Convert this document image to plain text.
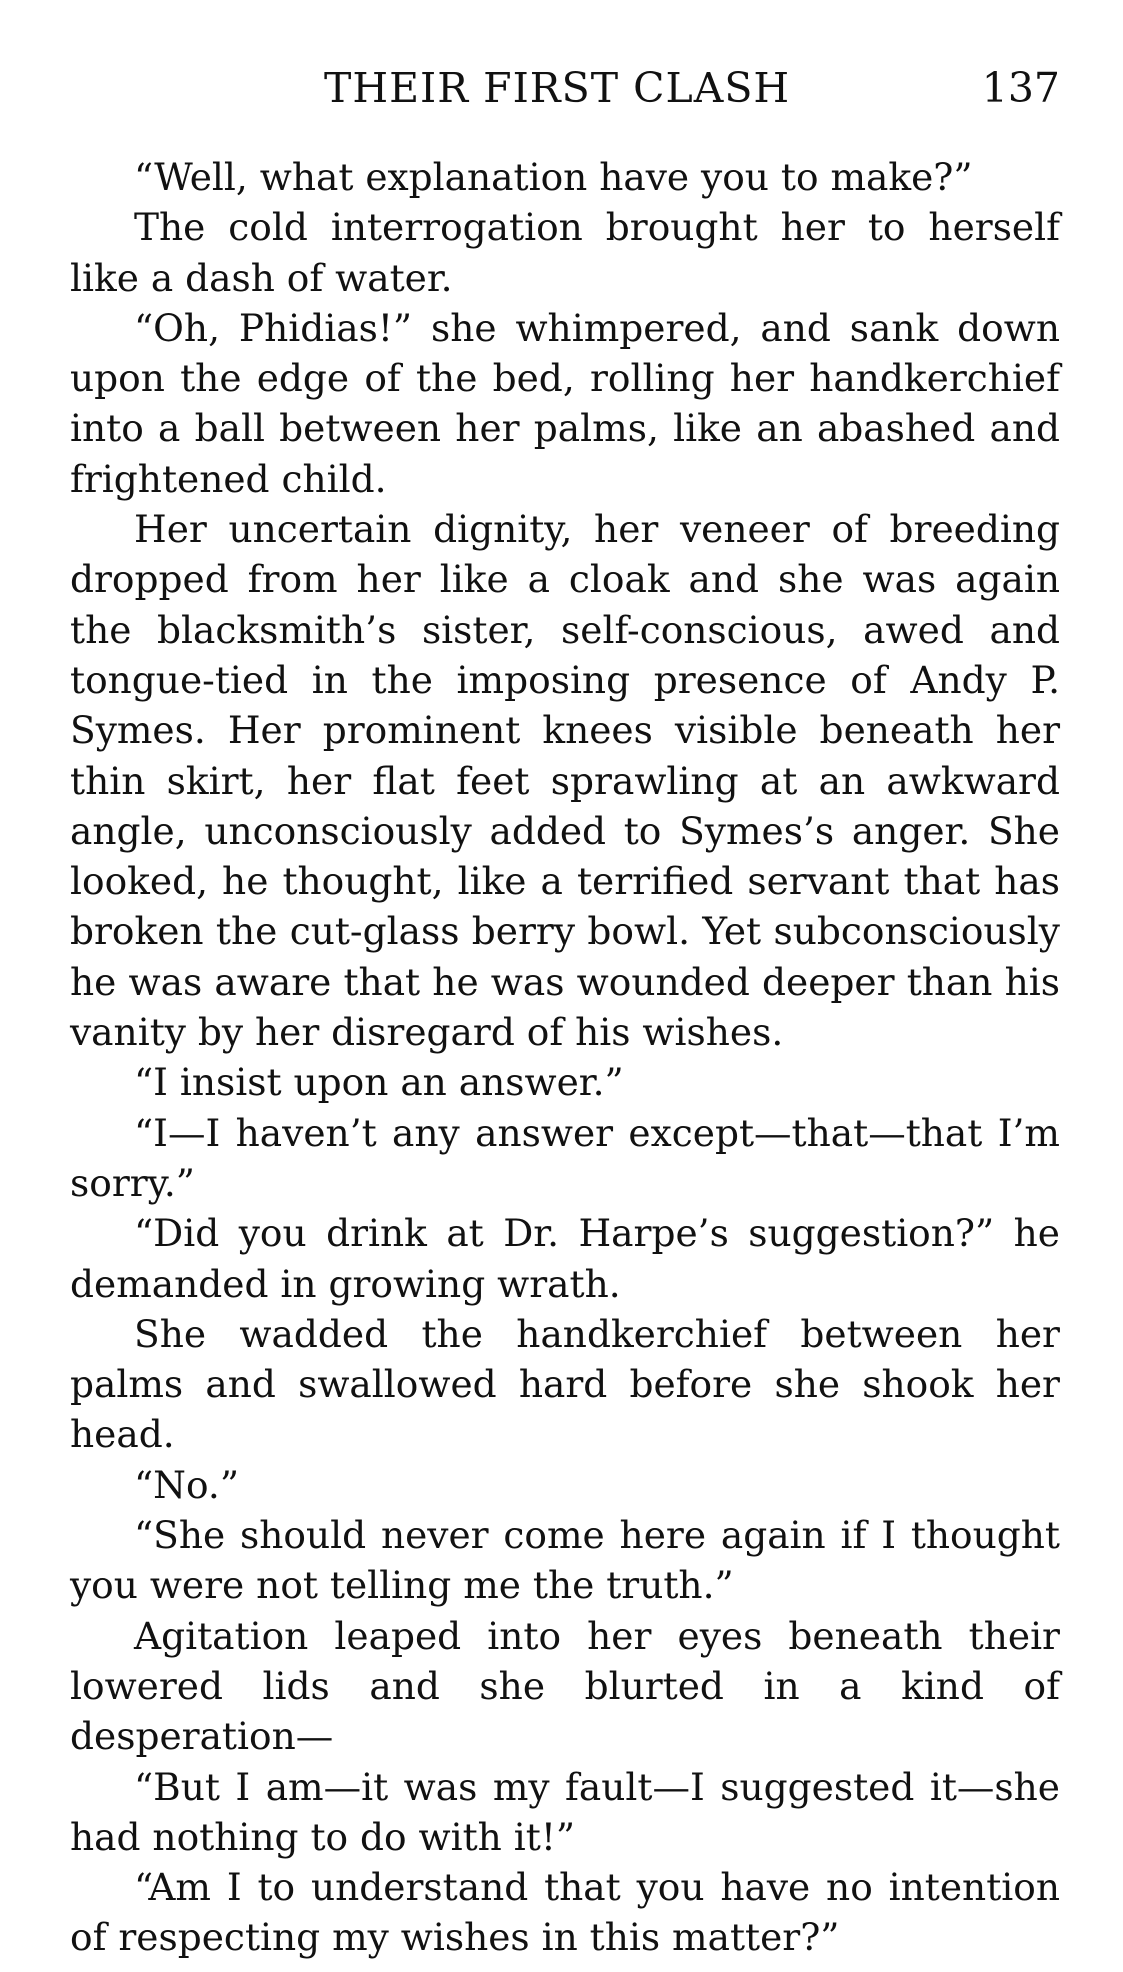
THEIR FIRST CLASH	137

“Well, what explanation have you to make?”

The cold interrogation brought her to herself like a dash of water.

“Oh, Phidias!” she whimpered, and sank down upon the edge of the bed, rolling her handkerchief into a ball between her palms, like an abashed and frightened child.

Her uncertain dignity, her veneer of breeding dropped from her like a cloak and she was again the blacksmith’s sister, self-conscious, awed and tongue-tied in the imposing presence of Andy P. Symes. Her prominent knees visible beneath her thin skirt, her flat feet sprawling at an awkward angle, unconsciously added to Symes’s anger. She looked, he thought, like a terrified servant that has broken the cut-glass berry bowl. Yet subconsciously he was aware that he was wounded deeper than his vanity by her disregard of his wishes.

“I insist upon an answer.”

“I—I haven’t any answer except—that—that I’m sorry.”

“Did you drink at Dr. Harpe’s suggestion?” he demanded in growing wrath.

She wadded the handkerchief between her palms and swallowed hard before she shook her head.

“No.”

“She should never come here again if I thought you were not telling me the truth.”

Agitation leaped into her eyes beneath their lowered lids and she blurted in a kind of desperation—

“But I am—it was my fault—I suggested it—she had nothing to do with it!”

“Am I to understand that you have no intention of respecting my wishes in this matter?”
